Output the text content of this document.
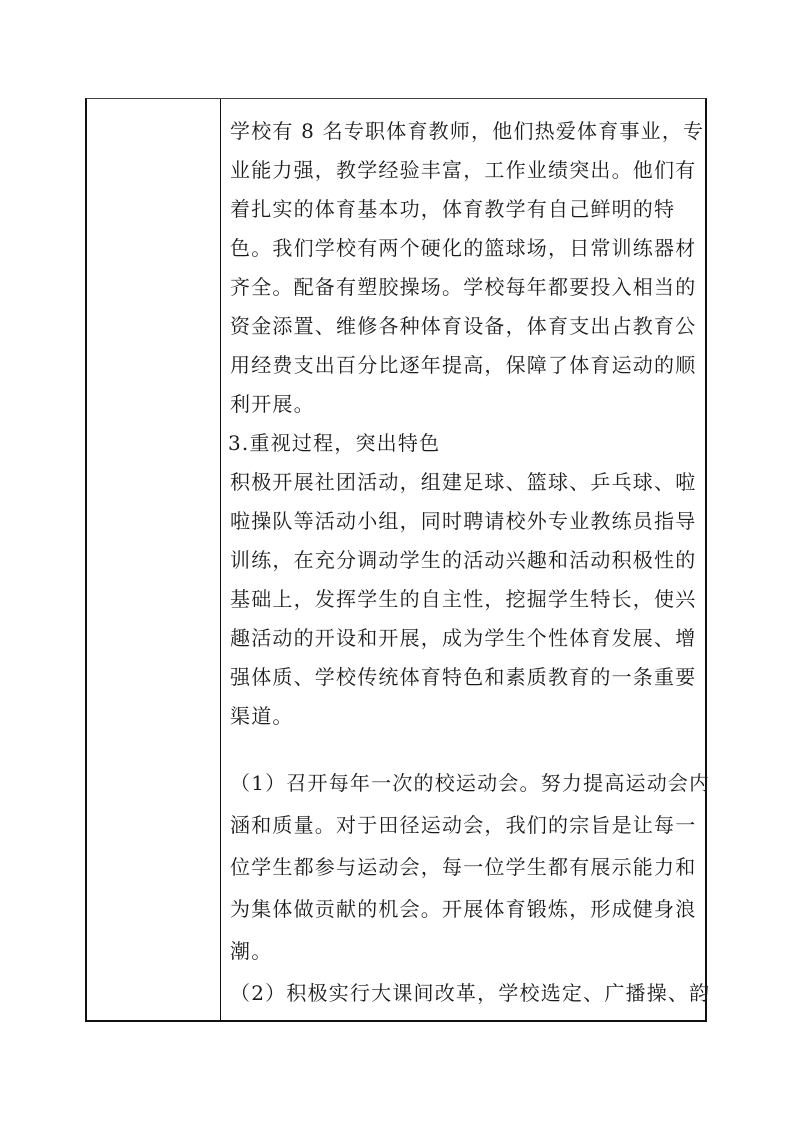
学校有 8 名专职体育教师，他们热爱体育事业，专
业能力强，教学经验丰富，工作业绩突出。他们有
着扎实的体育基本功，体育教学有自己鲜明的特
色。我们学校有两个硬化的篮球场，日常训练器材
齐全。配备有塑胶操场。学校每年都要投入相当的
资金添置、维修各种体育设备，体育支出占教育公
用经费支出百分比逐年提高，保障了体育运动的顺
利开展。
3.重视过程，突出特色
积极开展社团活动，组建足球、篮球、乒乓球、啦
啦操队等活动小组，同时聘请校外专业教练员指导
训练，在充分调动学生的活动兴趣和活动积极性的
基础上，发挥学生的自主性，挖掘学生特长，使兴
趣活动的开设和开展，成为学生个性体育发展、增
强体质、学校传统体育特色和素质教育的一条重要
渠道。
（1）召开每年一次的校运动会。努力提高运动会内
涵和质量。对于田径运动会，我们的宗旨是让每一
位学生都参与运动会，每一位学生都有展示能力和
为集体做贡献的机会。开展体育锻炼，形成健身浪
潮。
（2）积极实行大课间改革，学校选定、广播操、韵
